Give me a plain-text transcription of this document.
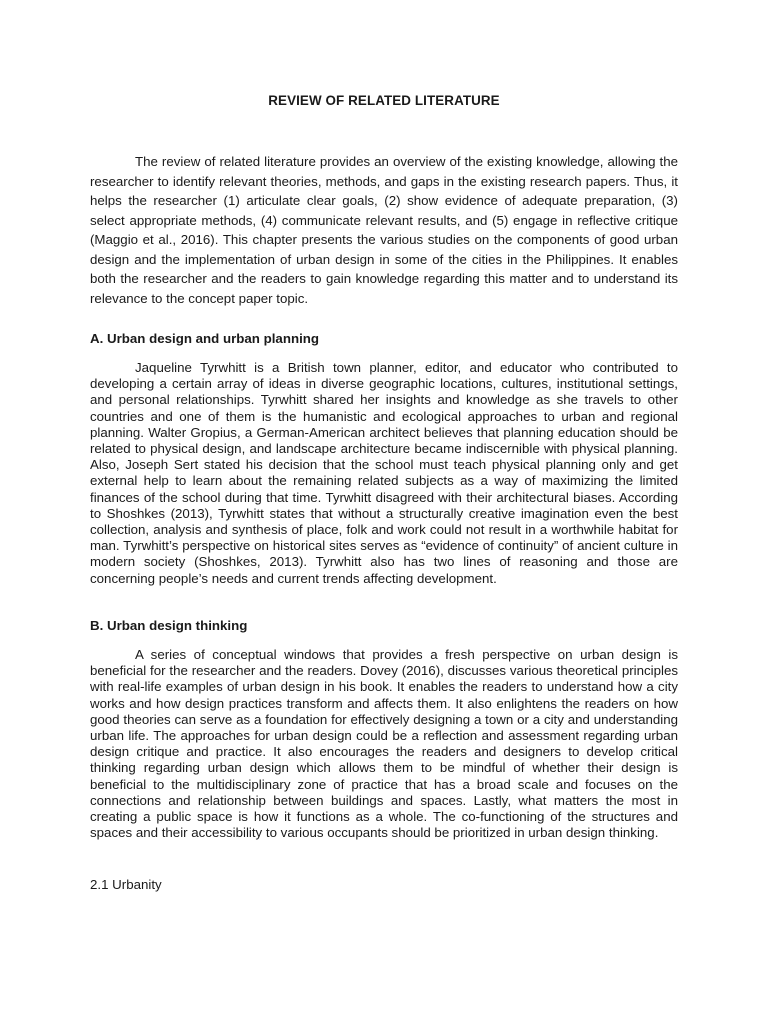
REVIEW OF RELATED LITERATURE

The review of related literature provides an overview of the existing knowledge, allowing the researcher to identify relevant theories, methods, and gaps in the existing research papers. Thus, it helps the researcher (1) articulate clear goals, (2) show evidence of adequate preparation, (3) select appropriate methods, (4) communicate relevant results, and (5) engage in reflective critique (Maggio et al., 2016). This chapter presents the various studies on the components of good urban design and the implementation of urban design in some of the cities in the Philippines. It enables both the researcher and the readers to gain knowledge regarding this matter and to understand its relevance to the concept paper topic.

A. Urban design and urban planning

Jaqueline Tyrwhitt is a British town planner, editor, and educator who contributed to developing a certain array of ideas in diverse geographic locations, cultures, institutional settings, and personal relationships. Tyrwhitt shared her insights and knowledge as she travels to other countries and one of them is the humanistic and ecological approaches to urban and regional planning. Walter Gropius, a German-American architect believes that planning education should be related to physical design, and landscape architecture became indiscernible with physical planning. Also, Joseph Sert stated his decision that the school must teach physical planning only and get external help to learn about the remaining related subjects as a way of maximizing the limited finances of the school during that time. Tyrwhitt disagreed with their architectural biases. According to Shoshkes (2013), Tyrwhitt states that without a structurally creative imagination even the best collection, analysis and synthesis of place, folk and work could not result in a worthwhile habitat for man. Tyrwhitt’s perspective on historical sites serves as “evidence of continuity” of ancient culture in modern society (Shoshkes, 2013). Tyrwhitt also has two lines of reasoning and those are concerning people’s needs and current trends affecting development.

B. Urban design thinking

A series of conceptual windows that provides a fresh perspective on urban design is beneficial for the researcher and the readers. Dovey (2016), discusses various theoretical principles with real-life examples of urban design in his book. It enables the readers to understand how a city works and how design practices transform and affects them. It also enlightens the readers on how good theories can serve as a foundation for effectively designing a town or a city and understanding urban life. The approaches for urban design could be a reflection and assessment regarding urban design critique and practice. It also encourages the readers and designers to develop critical thinking regarding urban design which allows them to be mindful of whether their design is beneficial to the multidisciplinary zone of practice that has a broad scale and focuses on the connections and relationship between buildings and spaces. Lastly, what matters the most in creating a public space is how it functions as a whole. The co-functioning of the structures and spaces and their accessibility to various occupants should be prioritized in urban design thinking.

2.1 Urbanity
